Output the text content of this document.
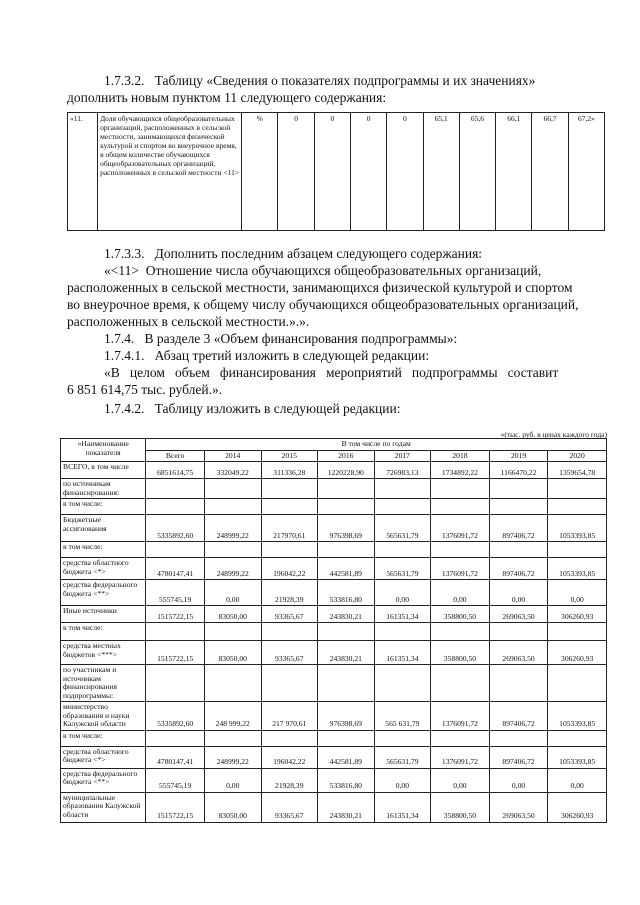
1.7.3.2.   Таблицу «Сведения о показателях подпрограммы и их значениях»
дополнить новым пунктом 11 следующего содержания:
«11.	Доля обучающихся общеобразовательных организаций, расположенных в сельской местности, занимающихся физической культурой и спортом во внеурочное время, в общем количестве обучающихся общеобразовательных организаций, расположенных в сельской местности <11>	%	0	0	0	0	65,1	65,6	66,1	66,7	67,2»
1.7.3.3.   Дополнить последним абзацем следующего содержания:
«<11>  Отношение числа обучающихся общеобразовательных организаций,
расположенных в сельской местности, занимающихся физической культурой и спортом
во внеурочное время, к общему числу обучающихся общеобразовательных организаций,
расположенных в сельской местности.».».
1.7.4.   В разделе 3 «Объем финансирования подпрограммы»:
1.7.4.1.   Абзац третий изложить в следующей редакции:
«В   целом   объем   финансирования   мероприятий   подпрограммы   составит
6 851 614,75 тыс. рублей.».
1.7.4.2.   Таблицу изложить в следующей редакции:
«(тыс. руб. в ценах каждого года)
«Наименование показателя	В том числе по годам							
	Всего	2014	2015	2016	2017	2018	2019	2020
ВСЕГО, в том числе	6851614,75	332049,22	311336,28	1220228,90	726983,13	1734892,22	1166470,22	1359654,78
по источникам финансирования:								
в том числе:								
Бюджетные ассигнования	5335892,60	248999,22	217970,61	976398,69	565631,79	1376091,72	897406,72	1053393,85
в том числе:								
средства областного бюджета <*>	4780147,41	248999,22	196042,22	442581,89	565631,79	1376091,72	897406,72	1053393,85
средства федерального бюджета <**>	555745,19	0,00	21928,39	533816,80	0,00	0,00	0,00	0,00
Иные источники	1515722,15	83050,00	93365,67	243830,21	161351,34	358800,50	269063,50	306260,93
в том числе:								
средства местных бюджетов <***>	1515722,15	83050,00	93365,67	243830,21	161351,34	358800,50	269063,50	306260,93
по участникам и источникам финансирования подпрограммы:								
министерство образования и науки Калужской области	5335892,60	248 999,22	217 970,61	976398,69	565 631,79	1376091,72	897406,72	1053393,85
в том числе:								
средства областного бюджета <*>	4780147,41	248999,22	196042,22	442581,89	565631,79	1376091,72	897406,72	1053393,85
средства федерального бюджета <**>	555745,19	0,00	21928,39	533816,80	0,00	0,00	0,00	0,00
муниципальные образования Калужской области	1515722,15	83050,00	93365,67	243830,21	161351,34	358800,50	269063,50	306260,93
